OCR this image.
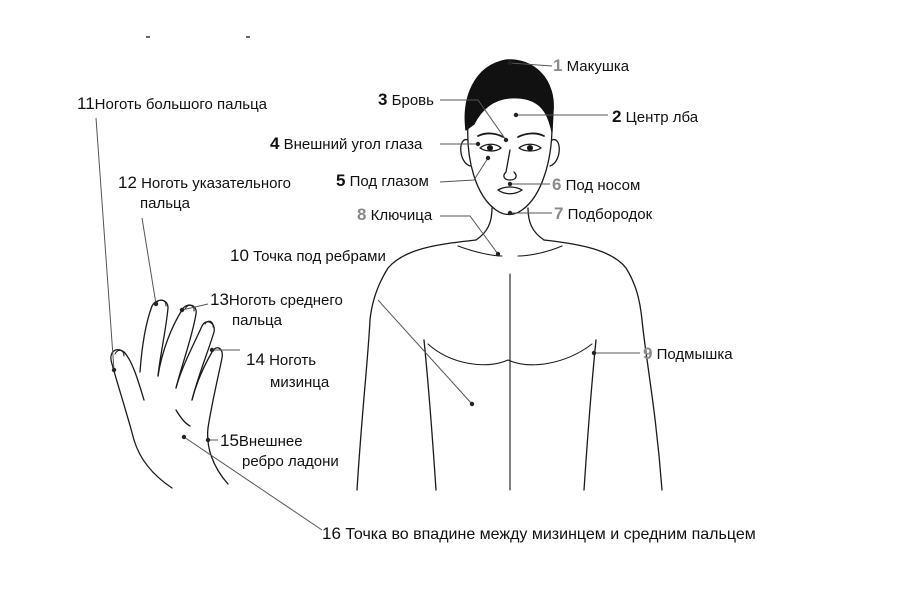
1 Макушка
2 Центр лба
3 Бровь
4 Внешний угол глаза
5 Под глазом	6 Под носом
7 Подбородок
8 Ключица
9 Подмышка
10 Точка под ребрами
11Ноготь большого пальца
12 Ноготь указательного
пальца
13Ноготь среднего
пальца
14 Ноготь
мизинца
15Внешнее
ребро ладони
16 Точка во впадине между мизинцем и средним пальцем
